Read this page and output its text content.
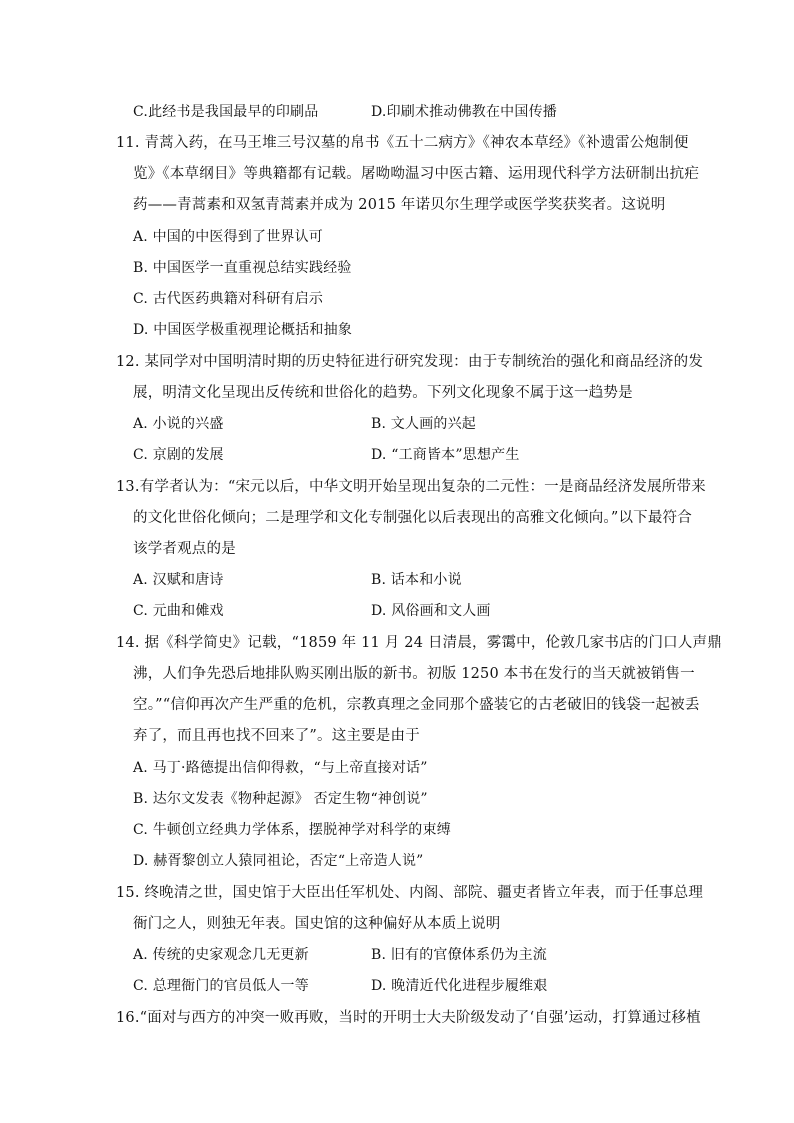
C.此经书是我国最早的印刷品	D.印刷术推动佛教在中国传播
11. 青蒿入药，在马王堆三号汉墓的帛书《五十二病方》《神农本草经》《补遗雷公炮制便
览》《本草纲目》等典籍都有记载。屠呦呦温习中医古籍、运用现代科学方法研制出抗疟
药——青蒿素和双氢青蒿素并成为 2015 年诺贝尔生理学或医学奖获奖者。这说明
A. 中国的中医得到了世界认可
B. 中国医学一直重视总结实践经验
C. 古代医药典籍对科研有启示
D. 中国医学极重视理论概括和抽象
12. 某同学对中国明清时期的历史特征进行研究发现：由于专制统治的强化和商品经济的发
展，明清文化呈现出反传统和世俗化的趋势。下列文化现象不属于这一趋势是
A. 小说的兴盛	B. 文人画的兴起
C. 京剧的发展	D. “工商皆本”思想产生
13.有学者认为：“宋元以后，中华文明开始呈现出复杂的二元性：一是商品经济发展所带来
的文化世俗化倾向；二是理学和文化专制强化以后表现出的高雅文化倾向。”以下最符合
该学者观点的是
A. 汉赋和唐诗	B. 话本和小说
C. 元曲和傩戏	D. 风俗画和文人画
14. 据《科学简史》记载，“1859 年 11 月 24 日清晨，雾霭中，伦敦几家书店的门口人声鼎
沸，人们争先恐后地排队购买刚出版的新书。初版 1250 本书在发行的当天就被销售一
空。”“信仰再次产生严重的危机，宗教真理之金同那个盛装它的古老破旧的钱袋一起被丢
弃了，而且再也找不回来了”。这主要是由于
A. 马丁·路德提出信仰得救，“与上帝直接对话”
B. 达尔文发表《物种起源》 否定生物“神创说”
C. 牛顿创立经典力学体系，摆脱神学对科学的束缚
D. 赫胥黎创立人猿同祖论，否定“上帝造人说”
15. 终晚清之世，国史馆于大臣出任军机处、内阁、部院、疆吏者皆立年表，而于任事总理
衙门之人，则独无年表。国史馆的这种偏好从本质上说明
A. 传统的史家观念几无更新	B. 旧有的官僚体系仍为主流
C. 总理衙门的官员低人一等	D. 晚清近代化进程步履维艰
16.“面对与西方的冲突一败再败，当时的开明士大夫阶级发动了‘自强’运动，打算通过移植
